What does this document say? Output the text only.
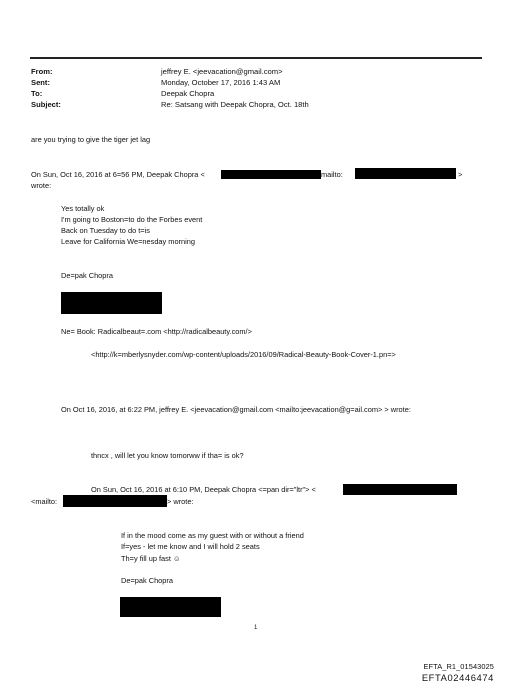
From:	jeffrey E. <jeevacation@gmail.com>
Sent:	Monday, October 17, 2016 1:43 AM
To:	Deepak Chopra
Subject:	Re: Satsang with Deepak Chopra, Oct. 18th
are you trying to give the tiger jet lag
On Sun, Oct 16, 2016 at 6=56 PM, Deepak Chopra <	mailto:	>
wrote:
Yes totally ok
I'm going to Boston=to do the Forbes event
Back on Tuesday to do t=is
Leave for California We=nesday morning
De=pak Chopra
Ne= Book: Radicalbeaut=.com <http://radicalbeauty.com/>
<http://k=mberlysnyder.com/wp-content/uploads/2016/09/Radical-Beauty-Book-Cover-1.pn=>
On Oct 16, 2016, at 6:22 PM, jeffrey E. <jeevacation@gmail.com <mailto:jeevacation@g=ail.com> > wrote:
thncx , will let you know tomorww if tha= is ok?
On Sun, Oct 16, 2016 at 6:10 PM, Deepak Chopra <=pan dir="ltr"> <
<mailto:	> wrote:
If in the mood come as my guest with or without a friend
If=yes - let me know and I will hold 2 seats
Th=y fill up fast ☺
De=pak Chopra
1
EFTA_R1_01543025
EFTA02446474
